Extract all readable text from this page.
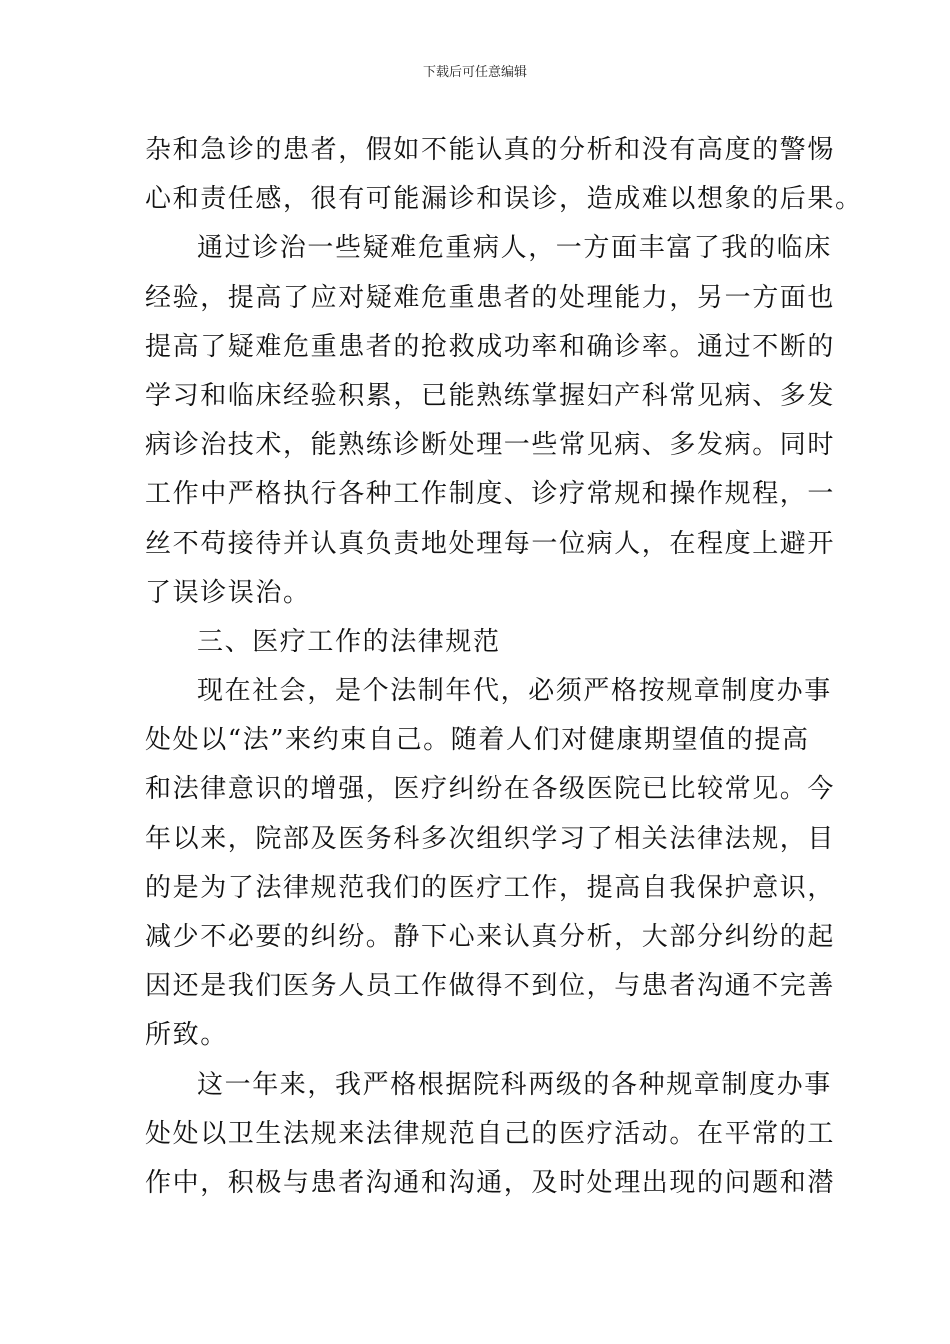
下载后可任意编辑
杂和急诊的患者，假如不能认真的分析和没有高度的警惕
心和责任感，很有可能漏诊和误诊，造成难以想象的后果。
通过诊治一些疑难危重病人，一方面丰富了我的临床
经验，提高了应对疑难危重患者的处理能力，另一方面也
提高了疑难危重患者的抢救成功率和确诊率。通过不断的
学习和临床经验积累，已能熟练掌握妇产科常见病、多发
病诊治技术，能熟练诊断处理一些常见病、多发病。同时
工作中严格执行各种工作制度、诊疗常规和操作规程，一
丝不苟接待并认真负责地处理每一位病人，在程度上避开
了误诊误治。
三、医疗工作的法律规范
现在社会，是个法制年代，必须严格按规章制度办事
处处以“法”来约束自己。随着人们对健康期望值的提高
和法律意识的增强，医疗纠纷在各级医院已比较常见。今
年以来，院部及医务科多次组织学习了相关法律法规，目
的是为了法律规范我们的医疗工作，提高自我保护意识，
减少不必要的纠纷。静下心来认真分析，大部分纠纷的起
因还是我们医务人员工作做得不到位，与患者沟通不完善
所致。
这一年来，我严格根据院科两级的各种规章制度办事
处处以卫生法规来法律规范自己的医疗活动。在平常的工
作中，积极与患者沟通和沟通，及时处理出现的问题和潜
